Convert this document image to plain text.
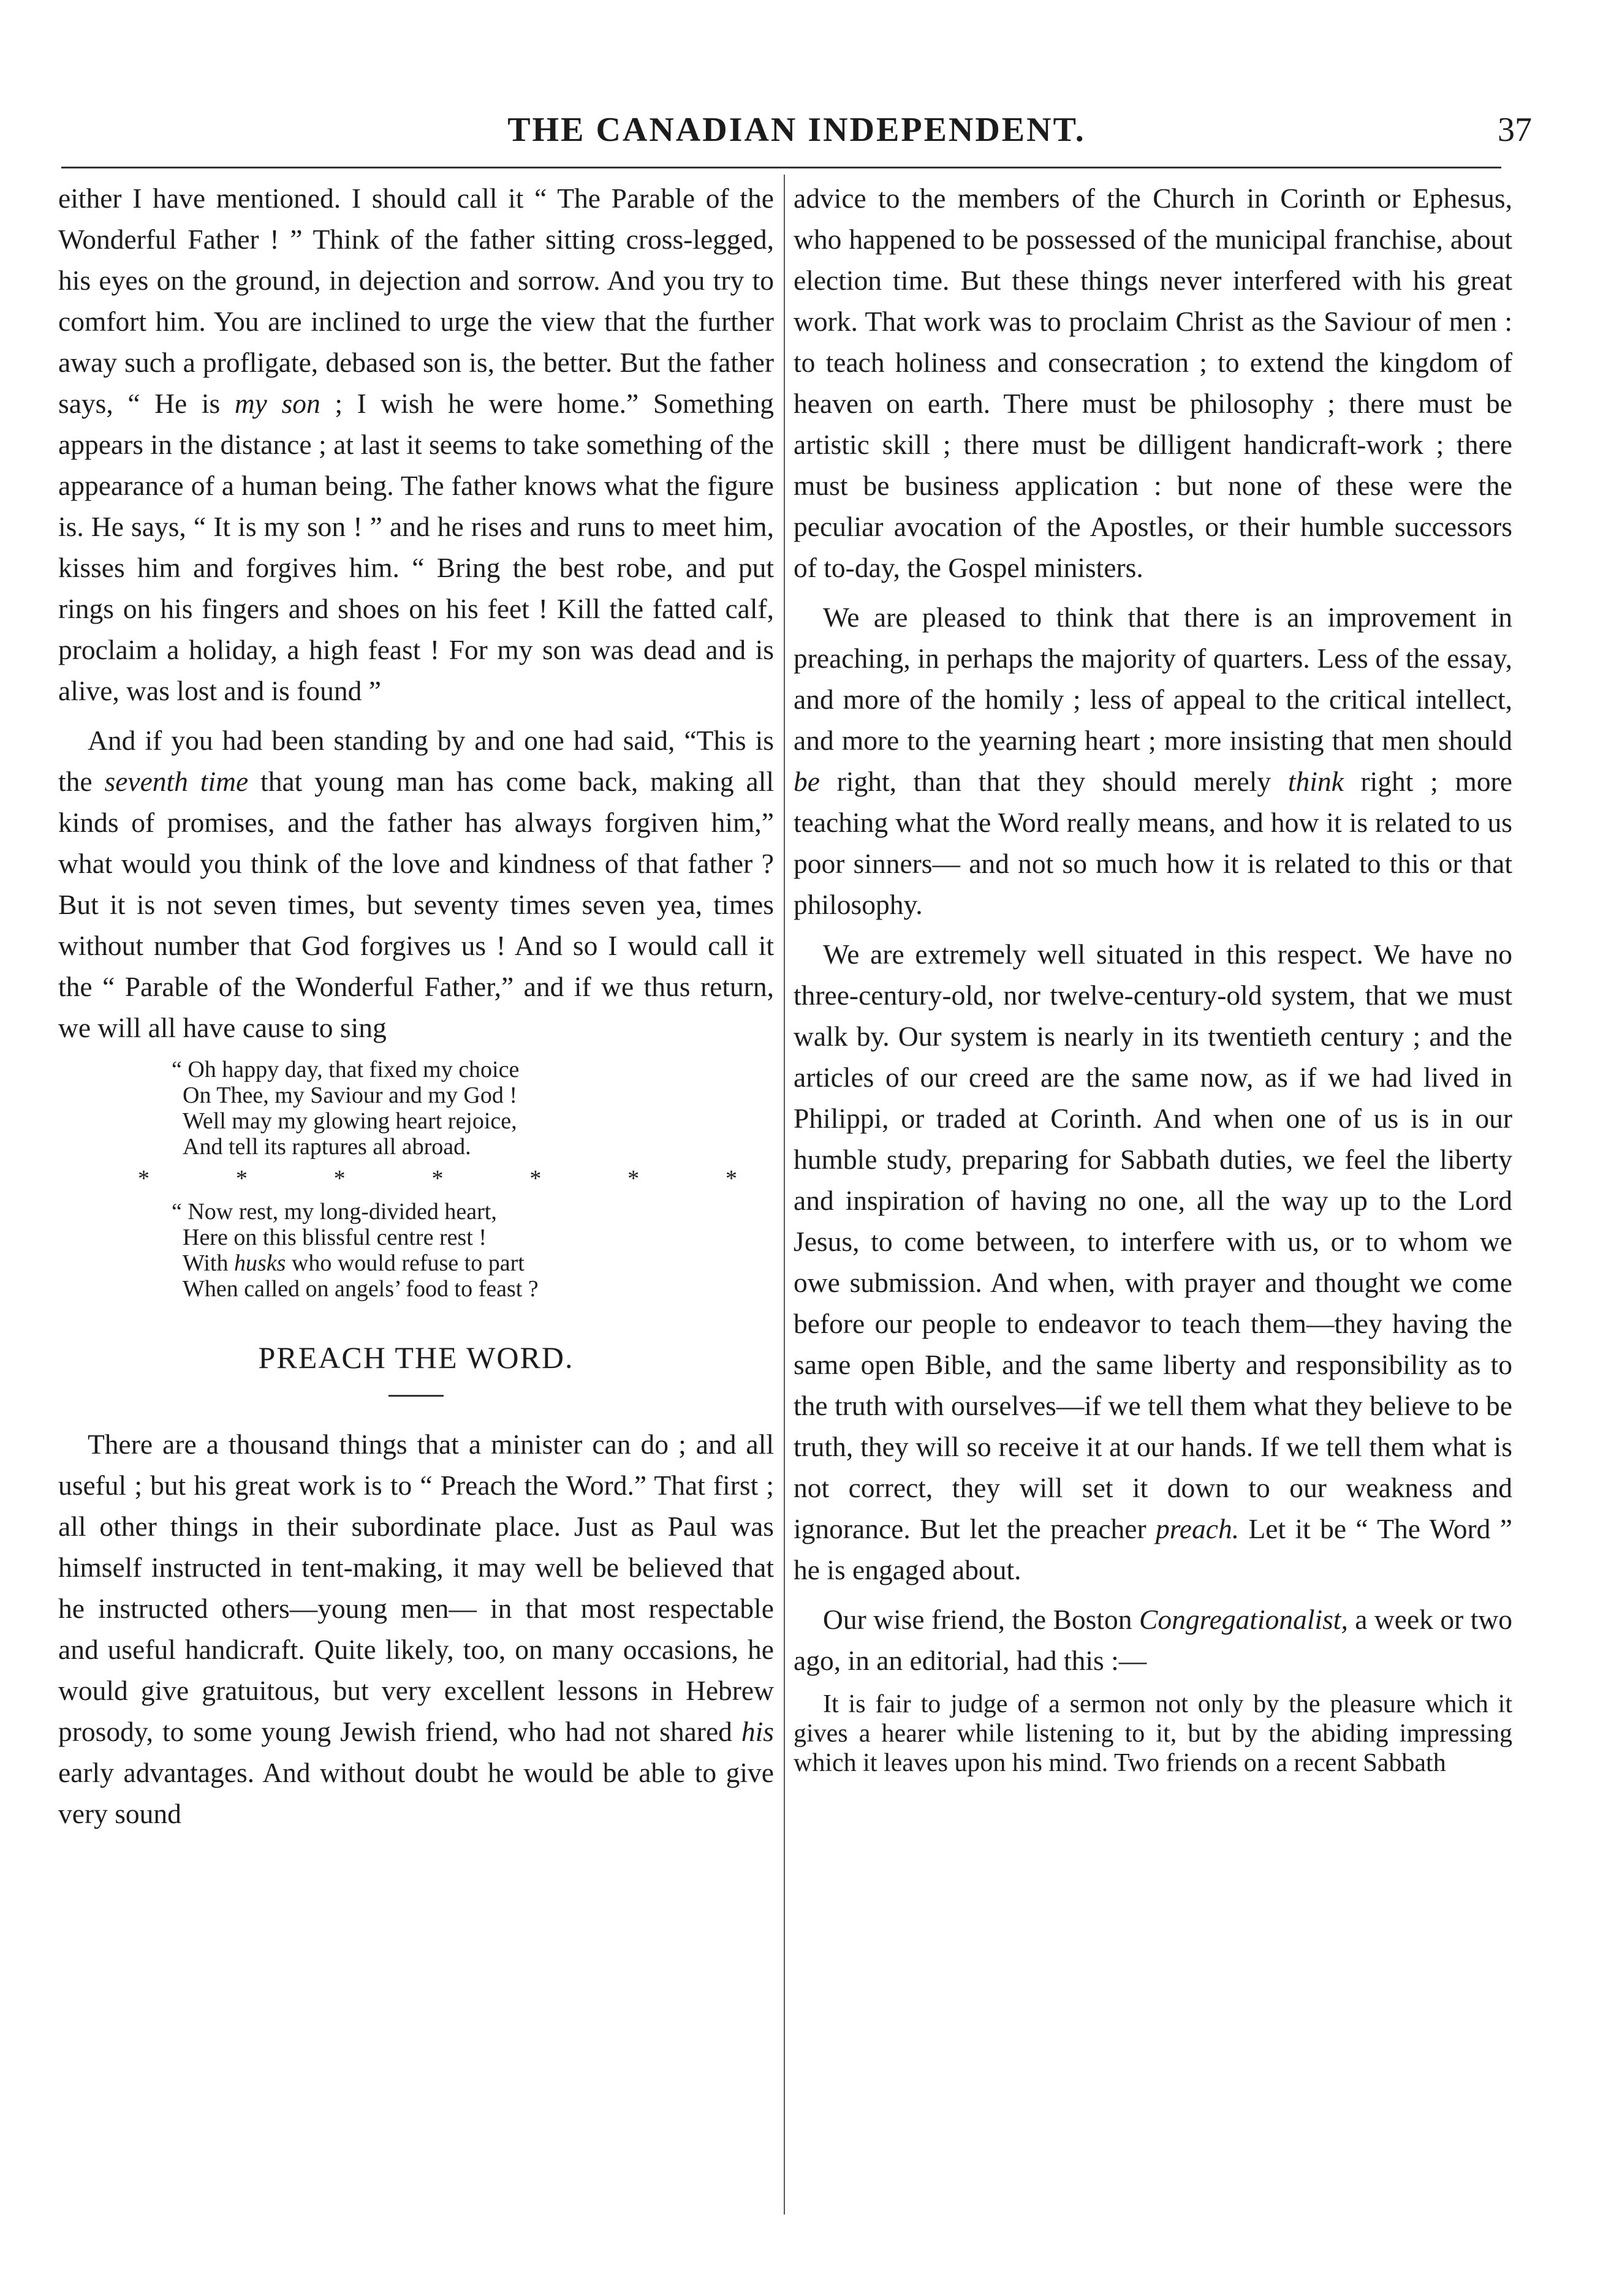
THE CANADIAN INDEPENDENT.	37

either I have mentioned. I should call it “ The Parable of the Wonderful Father ! ” Think of the father sitting cross-legged, his eyes on the ground, in dejection and sorrow. And you try to comfort him. You are inclined to urge the view that the further away such a profligate, debased son is, the better. But the father says, “ He is my son ; I wish he were home.” Something appears in the distance ; at last it seems to take something of the appearance of a human being. The father knows what the figure is. He says, “ It is my son ! ” and he rises and runs to meet him, kisses him and forgives him. “ Bring the best robe, and put rings on his fingers and shoes on his feet ! Kill the fatted calf, proclaim a holiday, a high feast ! For my son was dead and is alive, was lost and is found ”

And if you had been standing by and one had said, “This is the seventh time that young man has come back, making all kinds of promises, and the father has always forgiven him,” what would you think of the love and kindness of that father ? But it is not seven times, but seventy times seven yea, times without number that God forgives us ! And so I would call it the “ Parable of the Wonderful Father,” and if we thus return, we will all have cause to sing

“ Oh happy day, that fixed my choice
On Thee, my Saviour and my God !
Well may my glowing heart rejoice,
And tell its raptures all abroad.
*	*	*	*	*	*	*
“ Now rest, my long-divided heart,
Here on this blissful centre rest !
With husks who would refuse to part
When called on angels’ food to feast ?
PREACH THE WORD.

There are a thousand things that a minister can do ; and all useful ; but his great work is to “ Preach the Word.” That first ; all other things in their subordinate place. Just as Paul was himself instructed in tent-making, it may well be believed that he instructed others—young men— in that most respectable and useful handicraft. Quite likely, too, on many occasions, he would give gratuitous, but very excellent lessons in Hebrew prosody, to some young Jewish friend, who had not shared his early advantages. And without doubt he would be able to give very sound

advice to the members of the Church in Corinth or Ephesus, who happened to be possessed of the municipal franchise, about election time. But these things never interfered with his great work. That work was to proclaim Christ as the Saviour of men : to teach holiness and consecration ; to extend the kingdom of heaven on earth. There must be philosophy ; there must be artistic skill ; there must be dilligent handicraft-work ; there must be business application : but none of these were the peculiar avocation of the Apostles, or their humble successors of to-day, the Gospel ministers.

We are pleased to think that there is an improvement in preaching, in perhaps the majority of quarters. Less of the essay, and more of the homily ; less of appeal to the critical intellect, and more to the yearning heart ; more insisting that men should be right, than that they should merely think right ; more teaching what the Word really means, and how it is related to us poor sinners— and not so much how it is related to this or that philosophy.

We are extremely well situated in this respect. We have no three-century-old, nor twelve-century-old system, that we must walk by. Our system is nearly in its twentieth century ; and the articles of our creed are the same now, as if we had lived in Philippi, or traded at Corinth. And when one of us is in our humble study, preparing for Sabbath duties, we feel the liberty and inspiration of having no one, all the way up to the Lord Jesus, to come between, to interfere with us, or to whom we owe submission. And when, with prayer and thought we come before our people to endeavor to teach them—they having the same open Bible, and the same liberty and responsibility as to the truth with ourselves—if we tell them what they believe to be truth, they will so receive it at our hands. If we tell them what is not correct, they will set it down to our weakness and ignorance. But let the preacher preach. Let it be “ The Word ” he is engaged about.

Our wise friend, the Boston Congregationalist, a week or two ago, in an editorial, had this :—

It is fair to judge of a sermon not only by the pleasure which it gives a hearer while listening to it, but by the abiding impressing which it leaves upon his mind. Two friends on a recent Sabbath
